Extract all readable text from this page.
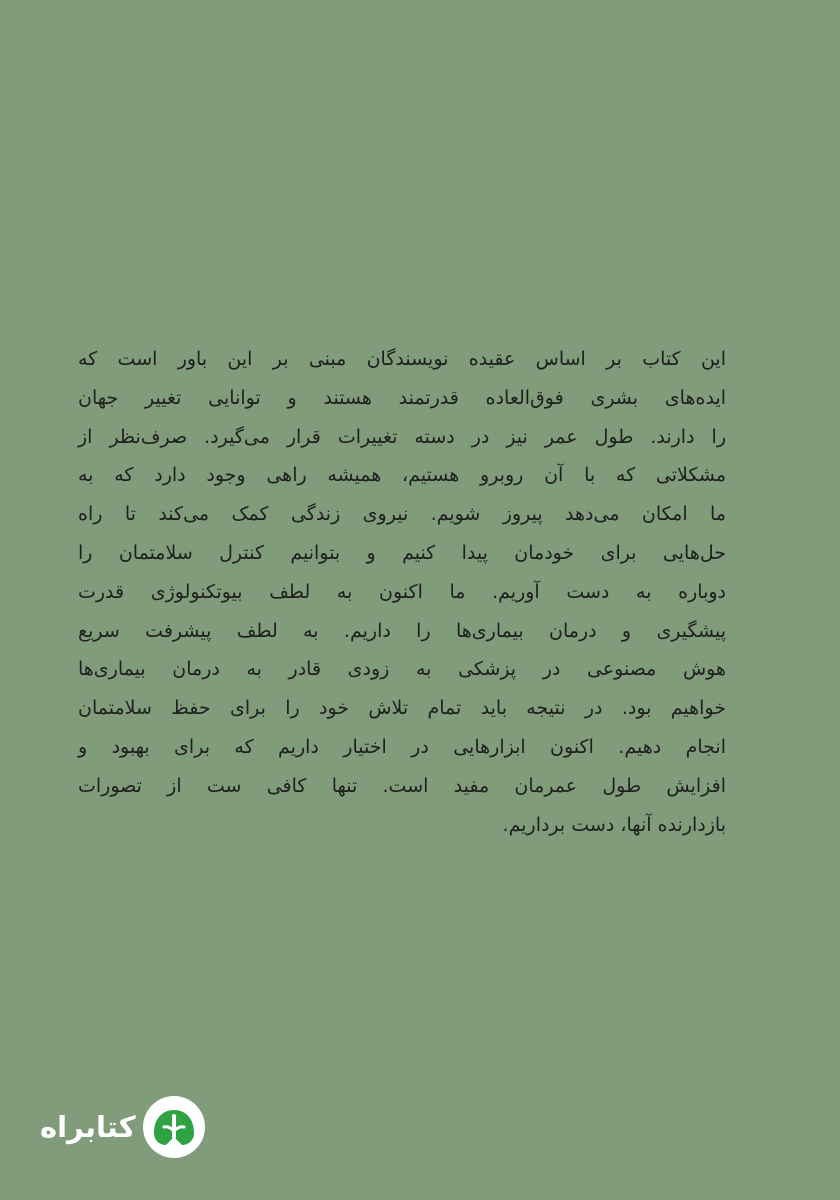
این کتاب بر اساس عقیده نویسندگان مبنی بر این باور است که
ایده‌های بشری فوق‌العاده قدرتمند هستند و توانایی تغییر جهان
را دارند. طول عمر نیز در دسته تغییرات قرار می‌گیرد. صرف‌نظر از
مشکلاتی که با آن روبرو هستیم، همیشه راهی وجود دارد که به
ما امکان می‌دهد پیروز شویم. نیروی زندگی کمک می‌کند تا راه
حل‌هایی برای خودمان پیدا کنیم و بتوانیم کنترل سلامتمان را
دوباره به دست آوریم. ما اکنون به لطف بیوتکنولوژی قدرت
پیشگیری و درمان بیماری‌ها را داریم. به لطف پیشرفت سریع
هوش مصنوعی در پزشکی به زودی قادر به درمان بیماری‌ها
خواهیم بود. در نتیجه باید تمام تلاش خود را برای حفظ سلامتمان
انجام دهیم. اکنون ابزارهایی در اختیار داریم که برای بهبود و
افزایش طول عمرمان مفید است. تنها کافی ست از تصورات
بازدارنده آنها، دست برداریم.
کتابراه
